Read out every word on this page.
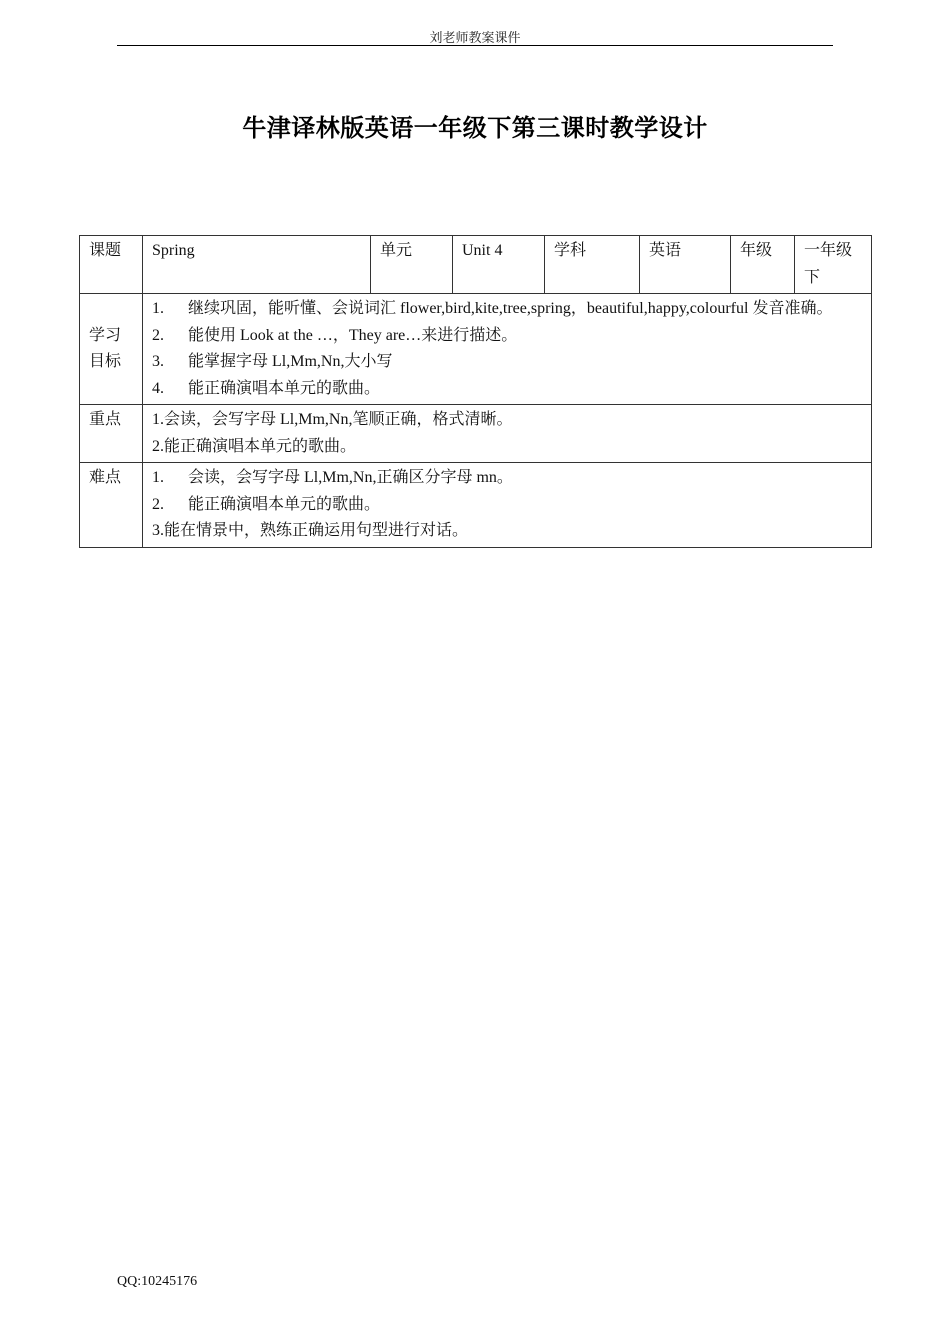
刘老师教案课件
牛津译林版英语一年级下第三课时教学设计
课题	Spring	单元	Unit 4	学科	英语	年级	一年级下
学习目标	1. 继续巩固，能听懂、会说词汇 flower,bird,kite,tree,spring，beautiful,happy,colourful 发音准确。
2. 能使用 Look at the …，They are…来进行描述。
3. 能掌握字母 Ll,Mm,Nn,大小写
4. 能正确演唱本单元的歌曲。						

重点	1.会读，会写字母 Ll,Mm,Nn,笔顺正确，格式清晰。
2.能正确演唱本单元的歌曲。						

难点	1. 会读，会写字母 Ll,Mm,Nn,正确区分字母 mn。
2. 能正确演唱本单元的歌曲。
3.能在情景中，熟练正确运用句型进行对话。						
QQ:10245176
